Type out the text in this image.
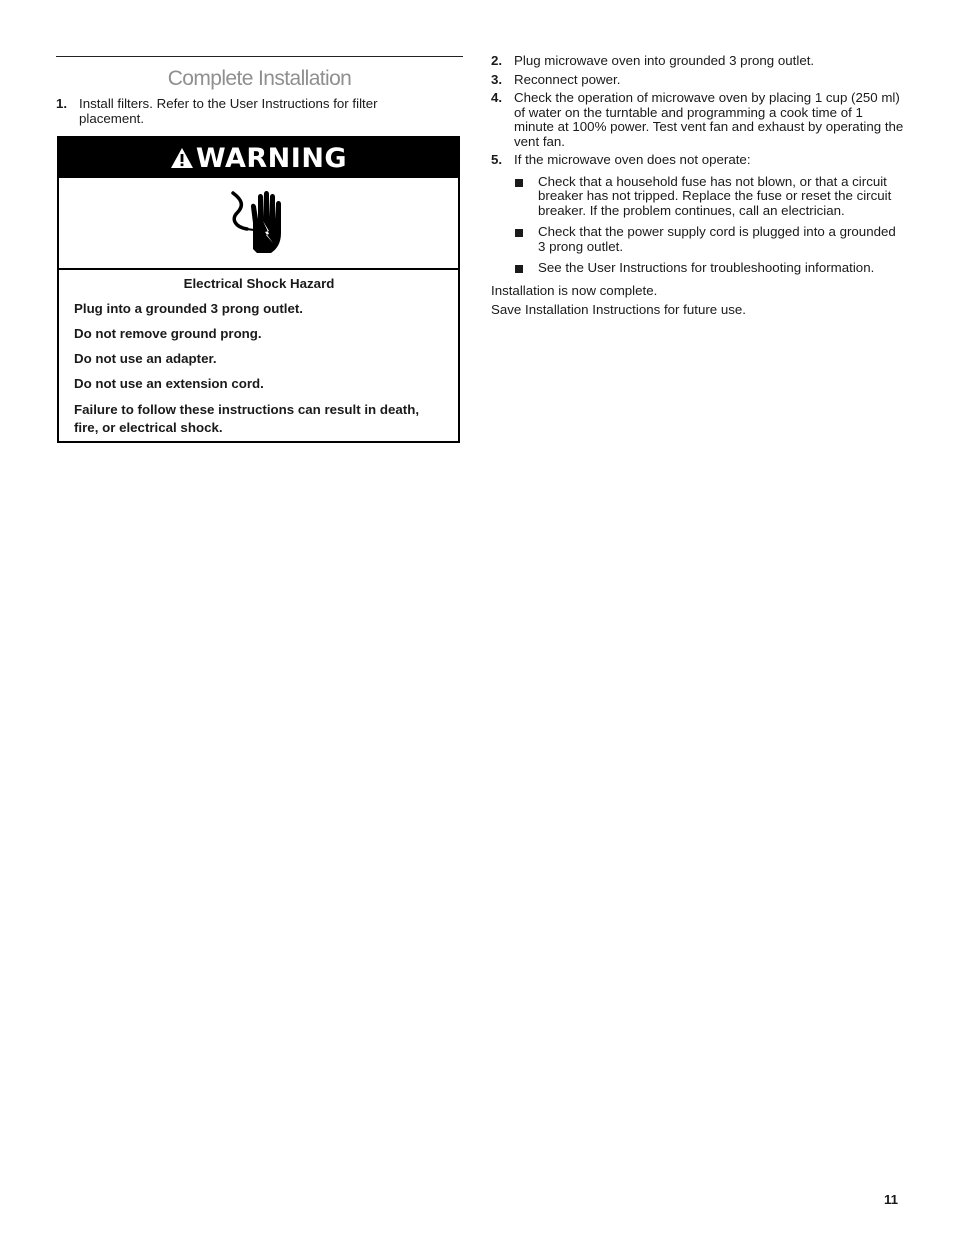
Complete Installation
1. Install filters. Refer to the User Instructions for filter placement.
WARNING
Electrical Shock Hazard
Plug into a grounded 3 prong outlet.
Do not remove ground prong.
Do not use an adapter.
Do not use an extension cord.
Failure to follow these instructions can result in death, fire, or electrical shock.
2. Plug microwave oven into grounded 3 prong outlet.
3. Reconnect power.
4. Check the operation of microwave oven by placing 1 cup (250 ml) of water on the turntable and programming a cook time of 1 minute at 100% power. Test vent fan and exhaust by operating the vent fan.
5. If the microwave oven does not operate:
Check that a household fuse has not blown, or that a circuit breaker has not tripped. Replace the fuse or reset the circuit breaker. If the problem continues, call an electrician.
Check that the power supply cord is plugged into a grounded 3 prong outlet.
See the User Instructions for troubleshooting information.
Installation is now complete.
Save Installation Instructions for future use.
11
